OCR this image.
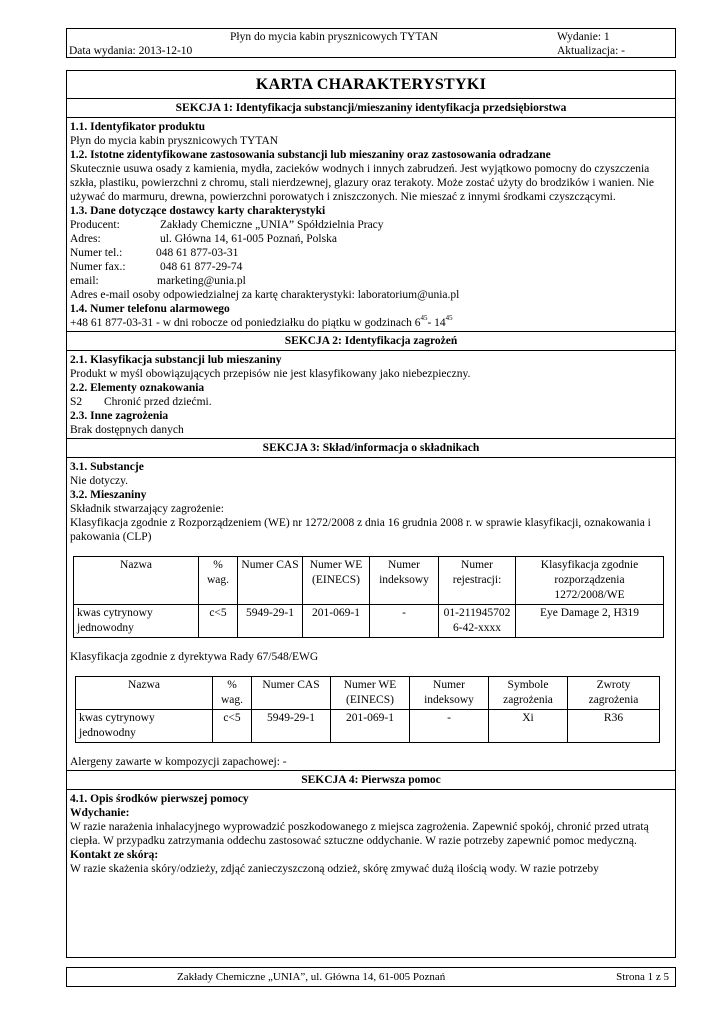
Płyn do mycia kabin prysznicowych TYTAN	Wydanie: 1
Data wydania: 2013-12-10	Aktualizacja: -
KARTA CHARAKTERYSTYKI
SEKCJA 1: Identyfikacja substancji/mieszaniny identyfikacja przedsiębiorstwa
1.1. Identyfikator produktu
Płyn do mycia kabin prysznicowych TYTAN
1.2. Istotne zidentyfikowane zastosowania substancji lub mieszaniny oraz zastosowania odradzane
Skutecznie usuwa osady z kamienia, mydła, zacieków wodnych i innych zabrudzeń. Jest wyjątkowo pomocny do czyszczenia szkła, plastiku, powierzchni z chromu, stali nierdzewnej, glazury oraz terakoty. Może zostać użyty do brodzików i wanien. Nie używać do marmuru, drewna, powierzchni porowatych i zniszczonych. Nie mieszać z innymi środkami czyszczącymi.
1.3. Dane dotyczące dostawcy karty charakterystyki
Producent:	Zakłady Chemiczne „UNIA” Spółdzielnia Pracy
Adres:	ul. Główna 14, 61-005 Poznań, Polska
Numer tel.:	048 61 877-03-31
Numer fax.:	048 61 877-29-74
email:	marketing@unia.pl
Adres e-mail osoby odpowiedzialnej za kartę charakterystyki: laboratorium@unia.pl
1.4. Numer telefonu alarmowego
+48 61 877-03-31 - w dni robocze od poniedziałku do piątku w godzinach $6^{45}-$ $14^{45}$
SEKCJA 2: Identyfikacja zagrożeń
2.1. Klasyfikacja substancji lub mieszaniny
Produkt w myśl obowiązujących przepisów nie jest klasyfikowany jako niebezpieczny.
2.2. Elementy oznakowania
S2	Chronić przed dziećmi.
2.3. Inne zagrożenia
Brak dostępnych danych
SEKCJA 3: Skład/informacja o składnikach
3.1. Substancje
Nie dotyczy.
3.2. Mieszaniny
Składnik stwarzający zagrożenie:
Klasyfikacja zgodnie z Rozporządzeniem (WE) nr 1272/2008 z dnia 16 grudnia 2008 r. w sprawie klasyfikacji, oznakowania i pakowania (CLP)
Nazwa	% wag.	Numer CAS	Numer WE (EINECS)	Numer indeksowy	Numer rejestracji:	Klasyfikacja zgodnie rozporządzenia 1272/2008/WE
kwas cytrynowy jednowodny	c<5	5949-29-1	201-069-1	-	01-2119457026-42-xxxx	Eye Damage 2, H319
Klasyfikacja zgodnie z dyrektywa Rady 67/548/EWG
Nazwa	% wag.	Numer CAS	Numer WE (EINECS)	Numer indeksowy	Symbole zagrożenia	Zwroty zagrożenia
kwas cytrynowy jednowodny	c<5	5949-29-1	201-069-1	-	Xi	R36
Alergeny zawarte w kompozycji zapachowej: -
SEKCJA 4: Pierwsza pomoc
4.1. Opis środków pierwszej pomocy
Wdychanie:
W razie narażenia inhalacyjnego wyprowadzić poszkodowanego z miejsca zagrożenia. Zapewnić spokój, chronić przed utratą ciepła. W przypadku zatrzymania oddechu zastosować sztuczne oddychanie. W razie potrzeby zapewnić pomoc medyczną.
Kontakt ze skórą:
W razie skażenia skóry/odzieży, zdjąć zanieczyszczoną odzież, skórę zmywać dużą ilością wody. W razie potrzeby
Zakłady Chemiczne „UNIA”, ul. Główna 14, 61-005 Poznań	Strona 1 z 5
